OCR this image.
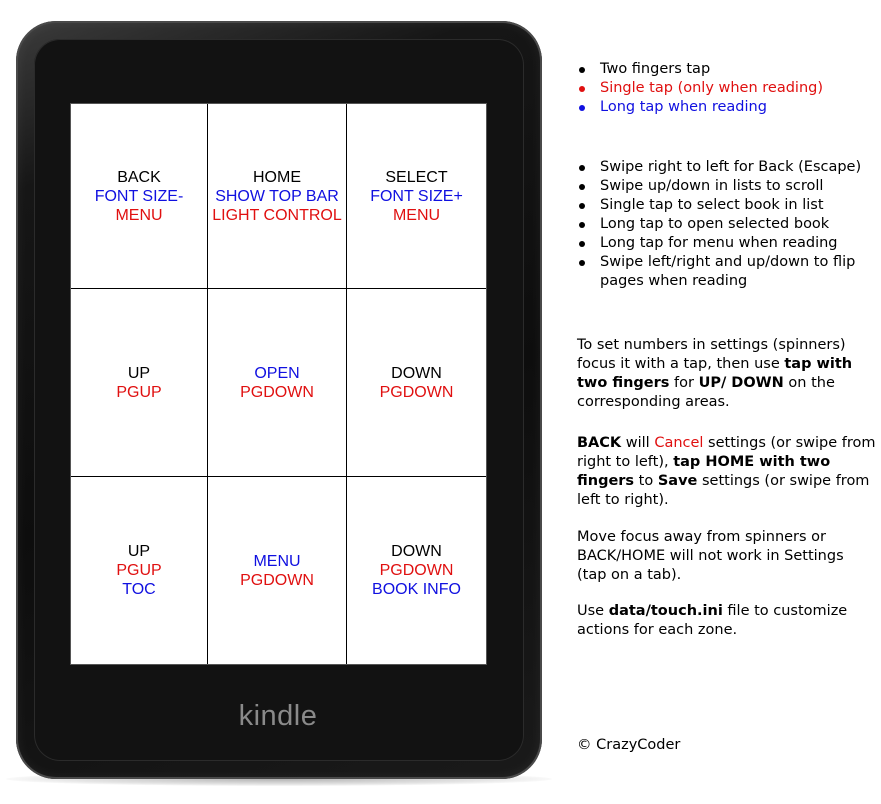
BACK
FONT SIZE-
MENU
HOME
SHOW TOP BAR
LIGHT CONTROL
SELECT
FONT SIZE+
MENU
UP
PGUP
OPEN
PGDOWN
DOWN
PGDOWN
UP
PGUP
TOC
MENU
PGDOWN
DOWN
PGDOWN
BOOK INFO
kindle
Two fingers tap
Single tap (only when reading)
Long tap when reading
Swipe right to left for Back (Escape)
Swipe up/down in lists to scroll
Single tap to select book in list
Long tap to open selected book
Long tap for menu when reading
Swipe left/right and up/down to flip pages when reading

To set numbers in settings (spinners) focus it with a tap, then use tap with two fingers for UP/ DOWN on the corresponding areas.

BACK will Cancel settings (or swipe from right to left), tap HOME with two fingers to Save settings (or swipe from left to right).

Move focus away from spinners or BACK/HOME will not work in Settings (tap on a tab).

Use data/touch.ini file to customize actions for each zone.

© CrazyCoder
